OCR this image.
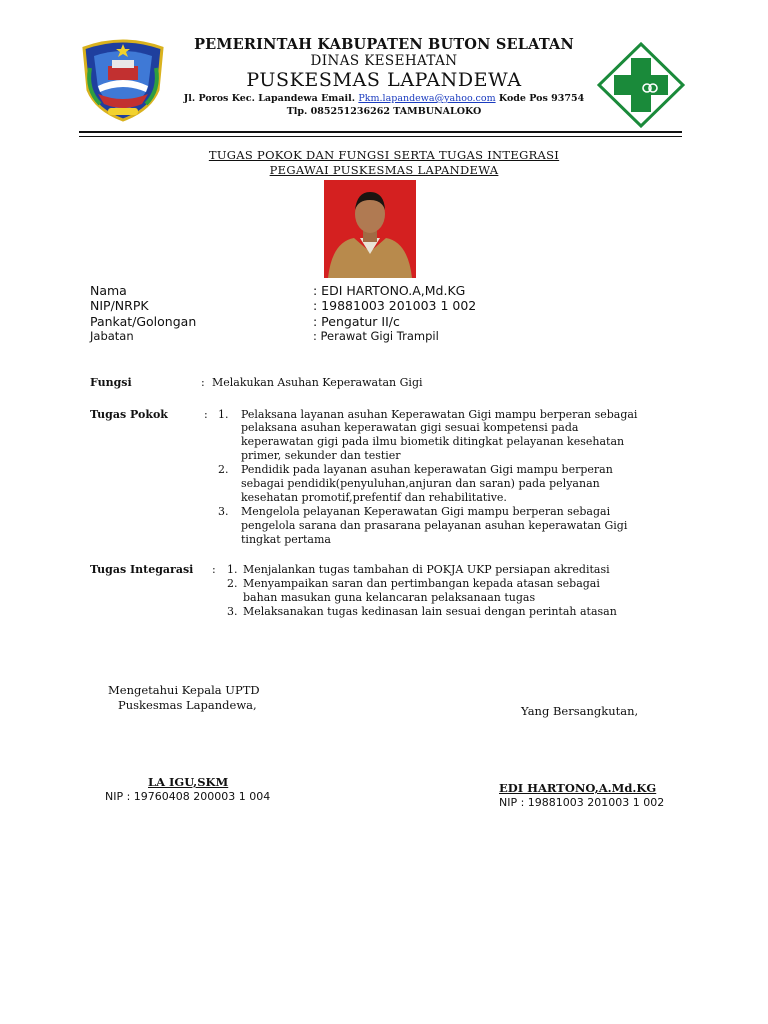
PEMERINTAH KABUPATEN BUTON SELATAN
DINAS KESEHATAN
PUSKESMAS LAPANDEWA
Jl. Poros Kec. Lapandewa Email. Pkm.lapandewa@yahoo.com Kode Pos 93754
Tlp. 085251236262 TAMBUNALOKO
TUGAS POKOK DAN FUNGSI SERTA TUGAS INTEGRASI
PEGAWAI PUSKESMAS LAPANDEWA
Nama	: EDI HARTONO.A,Md.KG
NIP/NRPK	: 19881003 201003 1 002
Pankat/Golongan	: Pengatur II/c
Jabatan	: Perawat Gigi Trampil
Fungsi	: Melakukan Asuhan Keperawatan Gigi
Tugas Pokok	: 1. Pelaksana layanan asuhan Keperawatan Gigi mampu berperan sebagai
pelaksana asuhan keperawatan gigi sesuai kompetensi pada
keperawatan gigi pada ilmu biometik ditingkat pelayanan kesehatan
primer, sekunder dan testier
2. Pendidik pada layanan asuhan keperawatan Gigi mampu berperan
sebagai pendidik(penyuluhan,anjuran dan saran) pada pelyanan
kesehatan promotif,prefentif dan rehabilitative.
3. Mengelola pelayanan Keperawatan Gigi mampu berperan sebagai
pengelola sarana dan prasarana pelayanan asuhan keperawatan Gigi
tingkat pertama
Tugas Integarasi : 1. Menjalankan tugas tambahan di POKJA UKP persiapan akreditasi
2. Menyampaikan saran dan pertimbangan kepada atasan sebagai
bahan masukan guna kelancaran pelaksanaan tugas
3. Melaksanakan tugas kedinasan lain sesuai dengan perintah atasan
Mengetahui Kepala UPTD
Puskesmas Lapandewa,	Yang Bersangkutan,
LA IGU,SKM
NIP : 19760408 200003 1 004
EDI HARTONO,A.Md.KG
NIP : 19881003 201003 1 002
